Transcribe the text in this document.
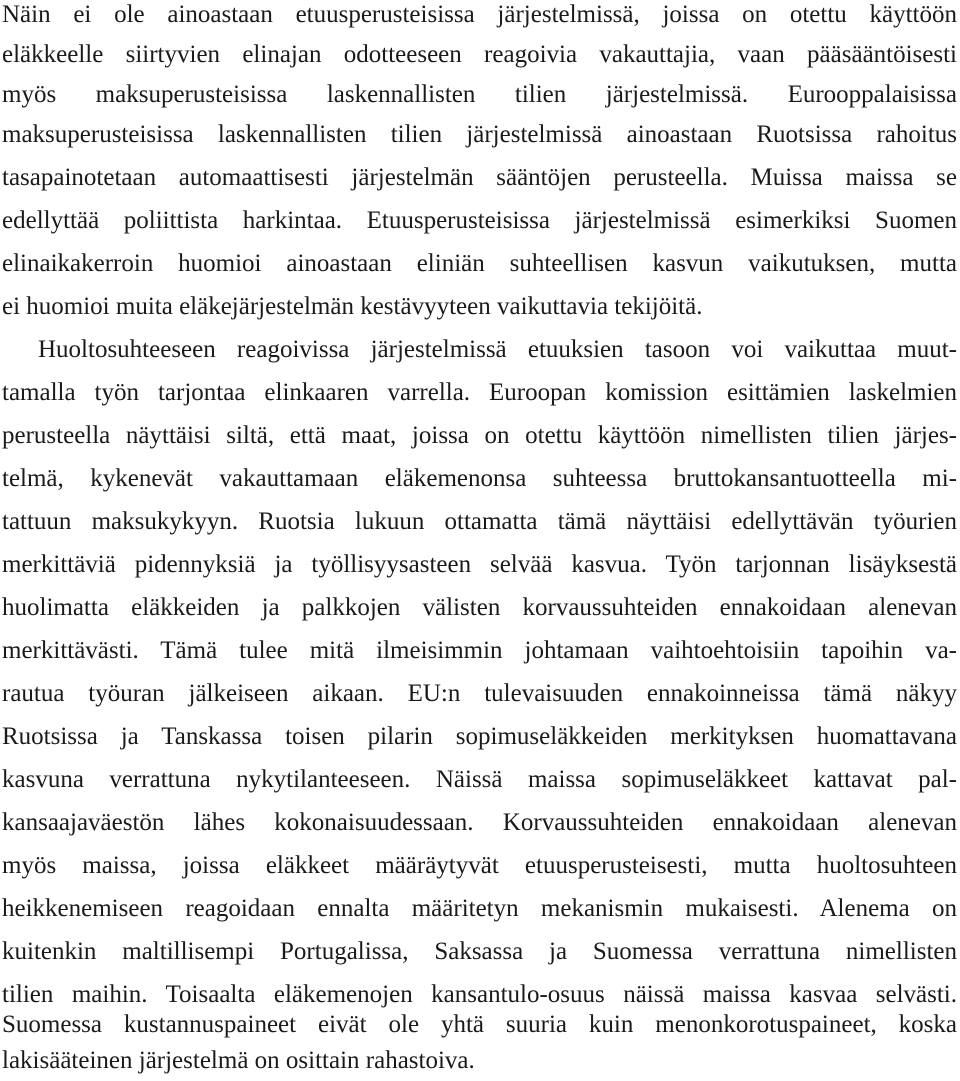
Näin ei ole ainoastaan etuusperusteisissa järjestelmissä, joissa on otettu käyttöön
eläkkeelle siirtyvien elinajan odotteeseen reagoivia vakauttajia, vaan pääsääntöisesti
myös maksuperusteisissa laskennallisten tilien järjestelmissä. Eurooppalaisissa
maksuperusteisissa laskennallisten tilien järjestelmissä ainoastaan Ruotsissa rahoitus
tasapainotetaan automaattisesti järjestelmän sääntöjen perusteella. Muissa maissa se
edellyttää poliittista harkintaa. Etuusperusteisissa järjestelmissä esimerkiksi Suomen
elinaikakerroin huomioi ainoastaan eliniän suhteellisen kasvun vaikutuksen, mutta
ei huomioi muita eläkejärjestelmän kestävyyteen vaikuttavia tekijöitä.
Huoltosuhteeseen reagoivissa järjestelmissä etuuksien tasoon voi vaikuttaa muut-
tamalla työn tarjontaa elinkaaren varrella. Euroopan komission esittämien laskelmien
perusteella näyttäisi siltä, että maat, joissa on otettu käyttöön nimellisten tilien järjes-
telmä, kykenevät vakauttamaan eläkemenonsa suhteessa bruttokansantuotteella mi-
tattuun maksukykyyn. Ruotsia lukuun ottamatta tämä näyttäisi edellyttävän työurien
merkittäviä pidennyksiä ja työllisyysasteen selvää kasvua. Työn tarjonnan lisäyksestä
huolimatta eläkkeiden ja palkkojen välisten korvaussuhteiden ennakoidaan alenevan
merkittävästi. Tämä tulee mitä ilmeisimmin johtamaan vaihtoehtoisiin tapoihin va-
rautua työuran jälkeiseen aikaan. EU:n tulevaisuuden ennakoinneissa tämä näkyy
Ruotsissa ja Tanskassa toisen pilarin sopimuseläkkeiden merkityksen huomattavana
kasvuna verrattuna nykytilanteeseen. Näissä maissa sopimuseläkkeet kattavat pal-
kansaajaväestön lähes kokonaisuudessaan. Korvaussuhteiden ennakoidaan alenevan
myös maissa, joissa eläkkeet määräytyvät etuusperusteisesti, mutta huoltosuhteen
heikkenemiseen reagoidaan ennalta määritetyn mekanismin mukaisesti. Alenema on
kuitenkin maltillisempi Portugalissa, Saksassa ja Suomessa verrattuna nimellisten
tilien maihin. Toisaalta eläkemenojen kansantulo-osuus näissä maissa kasvaa selvästi.
Suomessa kustannuspaineet eivät ole yhtä suuria kuin menonkorotuspaineet, koska
lakisääteinen järjestelmä on osittain rahastoiva.
